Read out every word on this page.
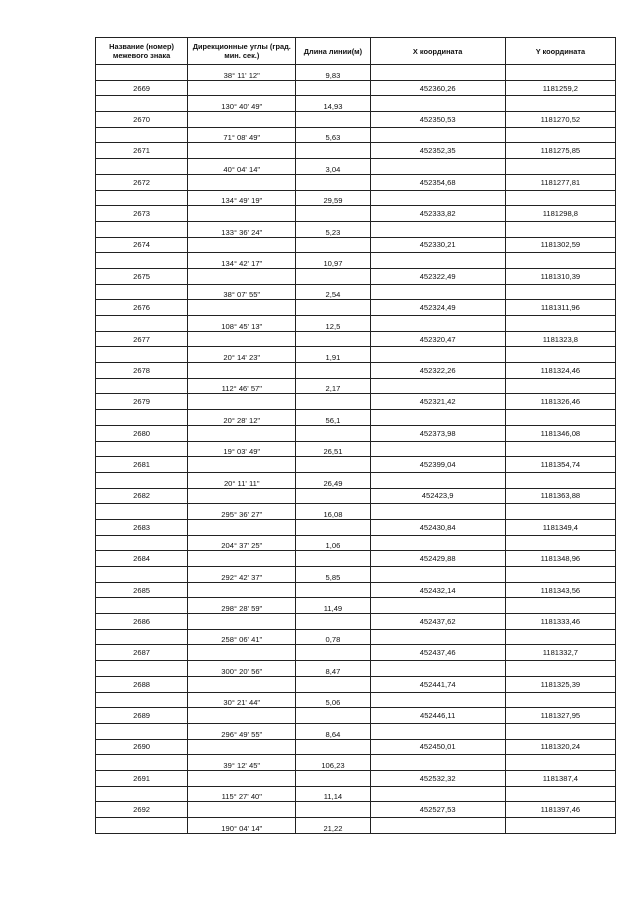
Название (номер) межевого знака	Дирекционные углы (град. мин. сек.)	Длина линии(м)	X координата	Y координата
	38° 11' 12"	9,83		
2669			452360,26	1181259,2
	130° 40' 49"	14,93		
2670			452350,53	1181270,52
	71° 08' 49"	5,63		
2671			452352,35	1181275,85
	40° 04' 14"	3,04		
2672			452354,68	1181277,81
	134° 49' 19"	29,59		
2673			452333,82	1181298,8
	133° 36' 24"	5,23		
2674			452330,21	1181302,59
	134° 42' 17"	10,97		
2675			452322,49	1181310,39
	38° 07' 55"	2,54		
2676			452324,49	1181311,96
	108° 45' 13"	12,5		
2677			452320,47	1181323,8
	20° 14' 23"	1,91		
2678			452322,26	1181324,46
	112° 46' 57"	2,17		
2679			452321,42	1181326,46
	20° 28' 12"	56,1		
2680			452373,98	1181346,08
	19° 03' 49"	26,51		
2681			452399,04	1181354,74
	20° 11' 11"	26,49		
2682			452423,9	1181363,88
	295° 36' 27"	16,08		
2683			452430,84	1181349,4
	204° 37' 25"	1,06		
2684			452429,88	1181348,96
	292° 42' 37"	5,85		
2685			452432,14	1181343,56
	298° 28' 59"	11,49		
2686			452437,62	1181333,46
	258° 06' 41"	0,78		
2687			452437,46	1181332,7
	300° 20' 56"	8,47		
2688			452441,74	1181325,39
	30° 21' 44"	5,06		
2689			452446,11	1181327,95
	296° 49' 55"	8,64		
2690			452450,01	1181320,24
	39° 12' 45"	106,23		
2691			452532,32	1181387,4
	115° 27' 40"	11,14		
2692			452527,53	1181397,46
	190° 04' 14"	21,22		
